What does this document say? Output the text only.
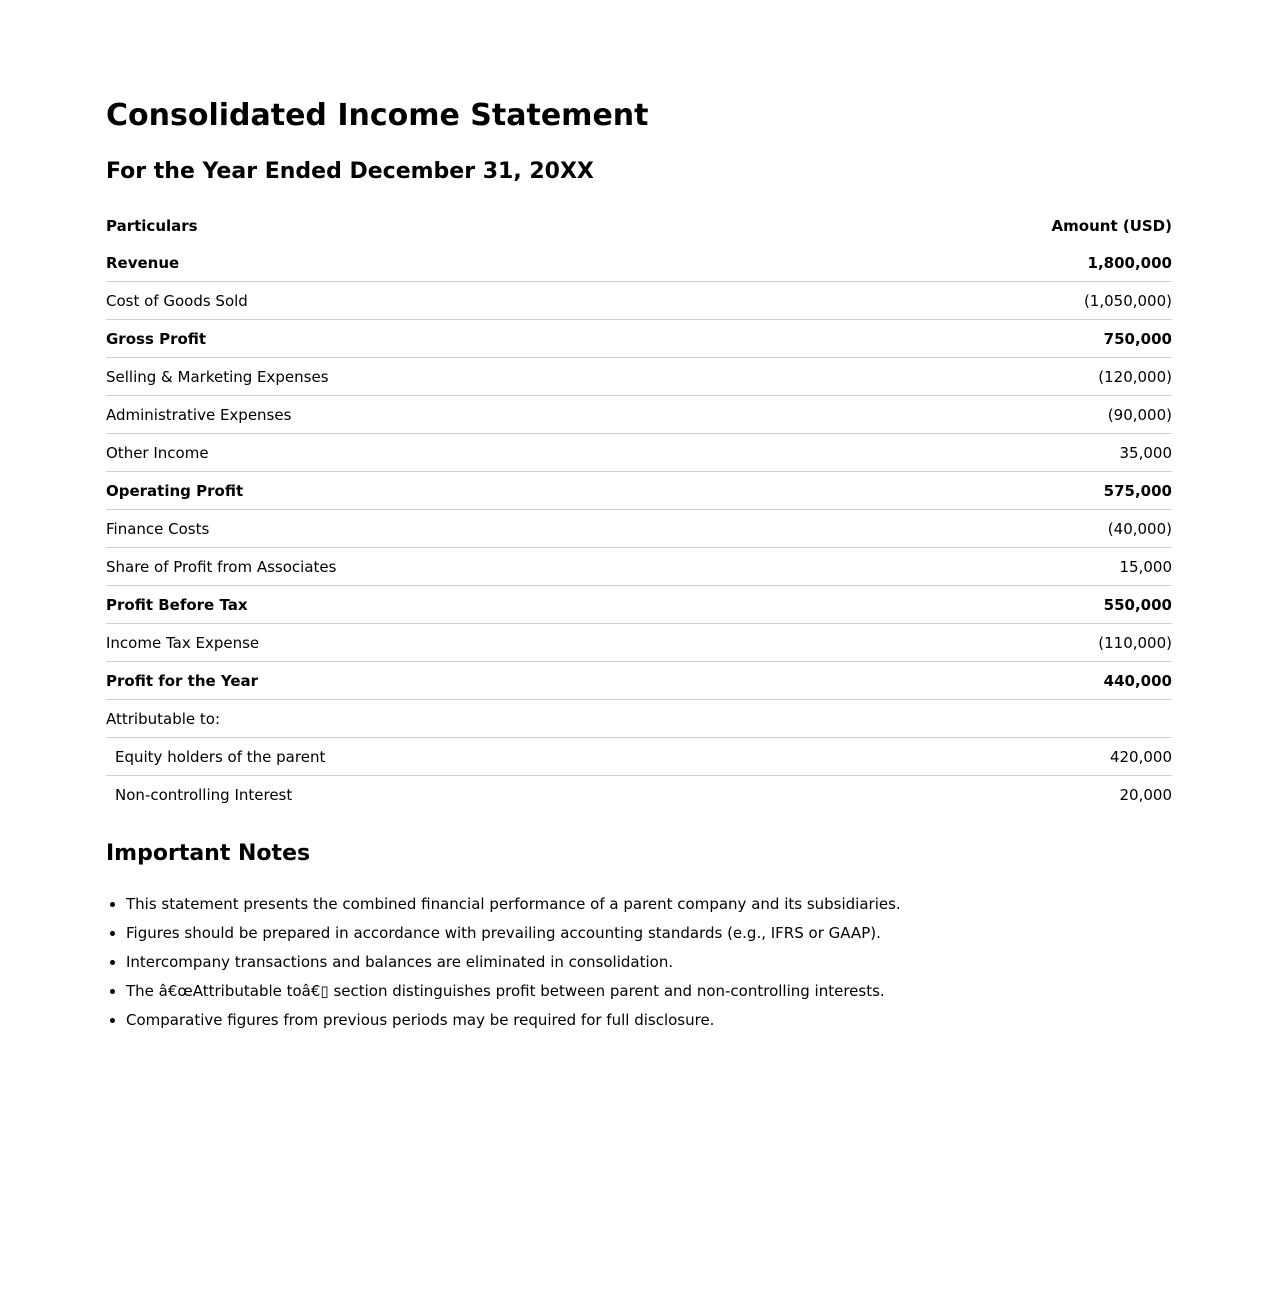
Consolidated Income Statement
For the Year Ended December 31, 20XX
Particulars	Amount (USD)
Revenue	1,800,000
Cost of Goods Sold	(1,050,000)
Gross Profit	750,000
Selling & Marketing Expenses	(120,000)
Administrative Expenses	(90,000)
Other Income	35,000
Operating Profit	575,000
Finance Costs	(40,000)
Share of Profit from Associates	15,000
Profit Before Tax	550,000
Income Tax Expense	(110,000)
Profit for the Year	440,000
Attributable to:	
Equity holders of the parent	420,000
Non-controlling Interest	20,000
Important Notes
• This statement presents the combined financial performance of a parent company and its subsidiaries.
• Figures should be prepared in accordance with prevailing accounting standards (e.g., IFRS or GAAP).
• Intercompany transactions and balances are eliminated in consolidation.
• The â€œAttributable toâ€▯ section distinguishes profit between parent and non-controlling interests.
• Comparative figures from previous periods may be required for full disclosure.
